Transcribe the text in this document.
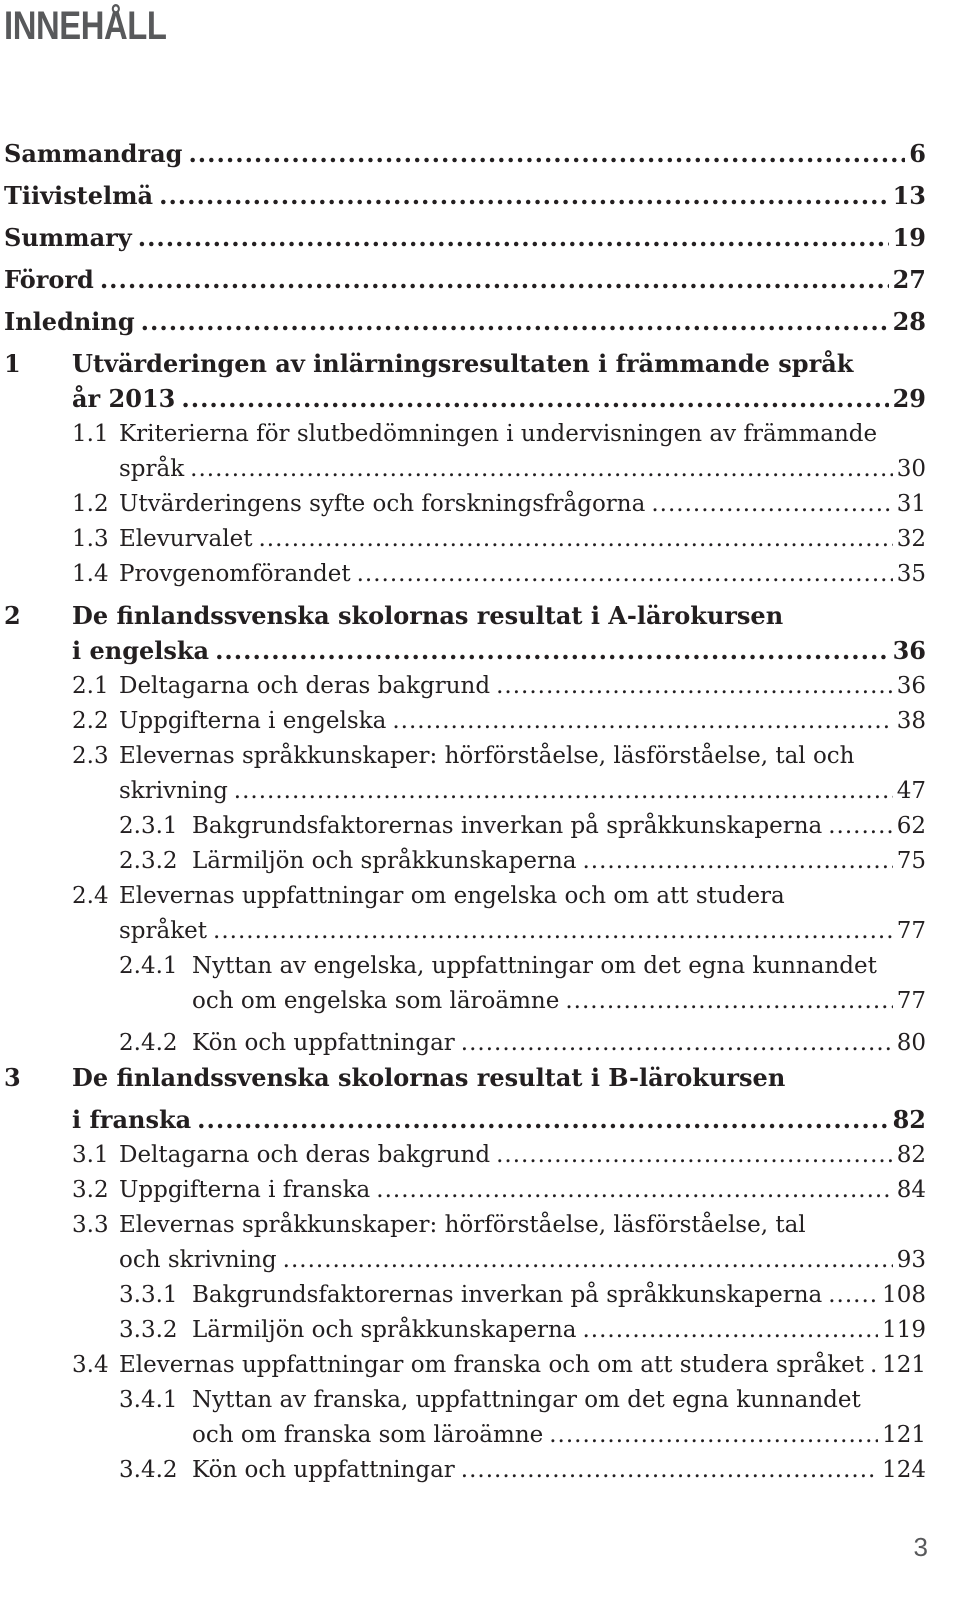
INNEHÅLL
Sammandrag .....	6
Tiivistelmä .....	13
Summary .....	19
Förord .....	27
Inledning .....	28
1 Utvärderingen av inlärningsresultaten i främmande språk
år 2013 .....	29
1.1 Kriterierna för slutbedömningen i undervisningen av främmande
språk .....	30
1.2 Utvärderingens syfte och forskningsfrågorna .....	31
1.3 Elevurvalet .....	32
1.4 Provgenomförandet .....	35
2 De finlandssvenska skolornas resultat i A-lärokursen
i engelska .....	36
2.1 Deltagarna och deras bakgrund .....	36
2.2 Uppgifterna i engelska .....	38
2.3 Elevernas språkkunskaper: hörförståelse, läsförståelse, tal och
skrivning .....	47
2.3.1 Bakgrundsfaktorernas inverkan på språkkunskaperna .....	62
2.3.2 Lärmiljön och språkkunskaperna .....	75
2.4 Elevernas uppfattningar om engelska och om att studera
språket .....	77
2.4.1 Nyttan av engelska, uppfattningar om det egna kunnandet
och om engelska som läroämne .....	77
2.4.2 Kön och uppfattningar .....	80
3 De finlandssvenska skolornas resultat i B-lärokursen
i franska .....	82
3.1 Deltagarna och deras bakgrund .....	82
3.2 Uppgifterna i franska .....	84
3.3 Elevernas språkkunskaper: hörförståelse, läsförståelse, tal
och skrivning .....	93
3.3.1 Bakgrundsfaktorernas inverkan på språkkunskaperna .....	108
3.3.2 Lärmiljön och språkkunskaperna .....	119
3.4 Elevernas uppfattningar om franska och om att studera språket ..... 121
3.4.1 Nyttan av franska, uppfattningar om det egna kunnandet
och om franska som läroämne .....	121
3.4.2 Kön och uppfattningar .....	124
3
